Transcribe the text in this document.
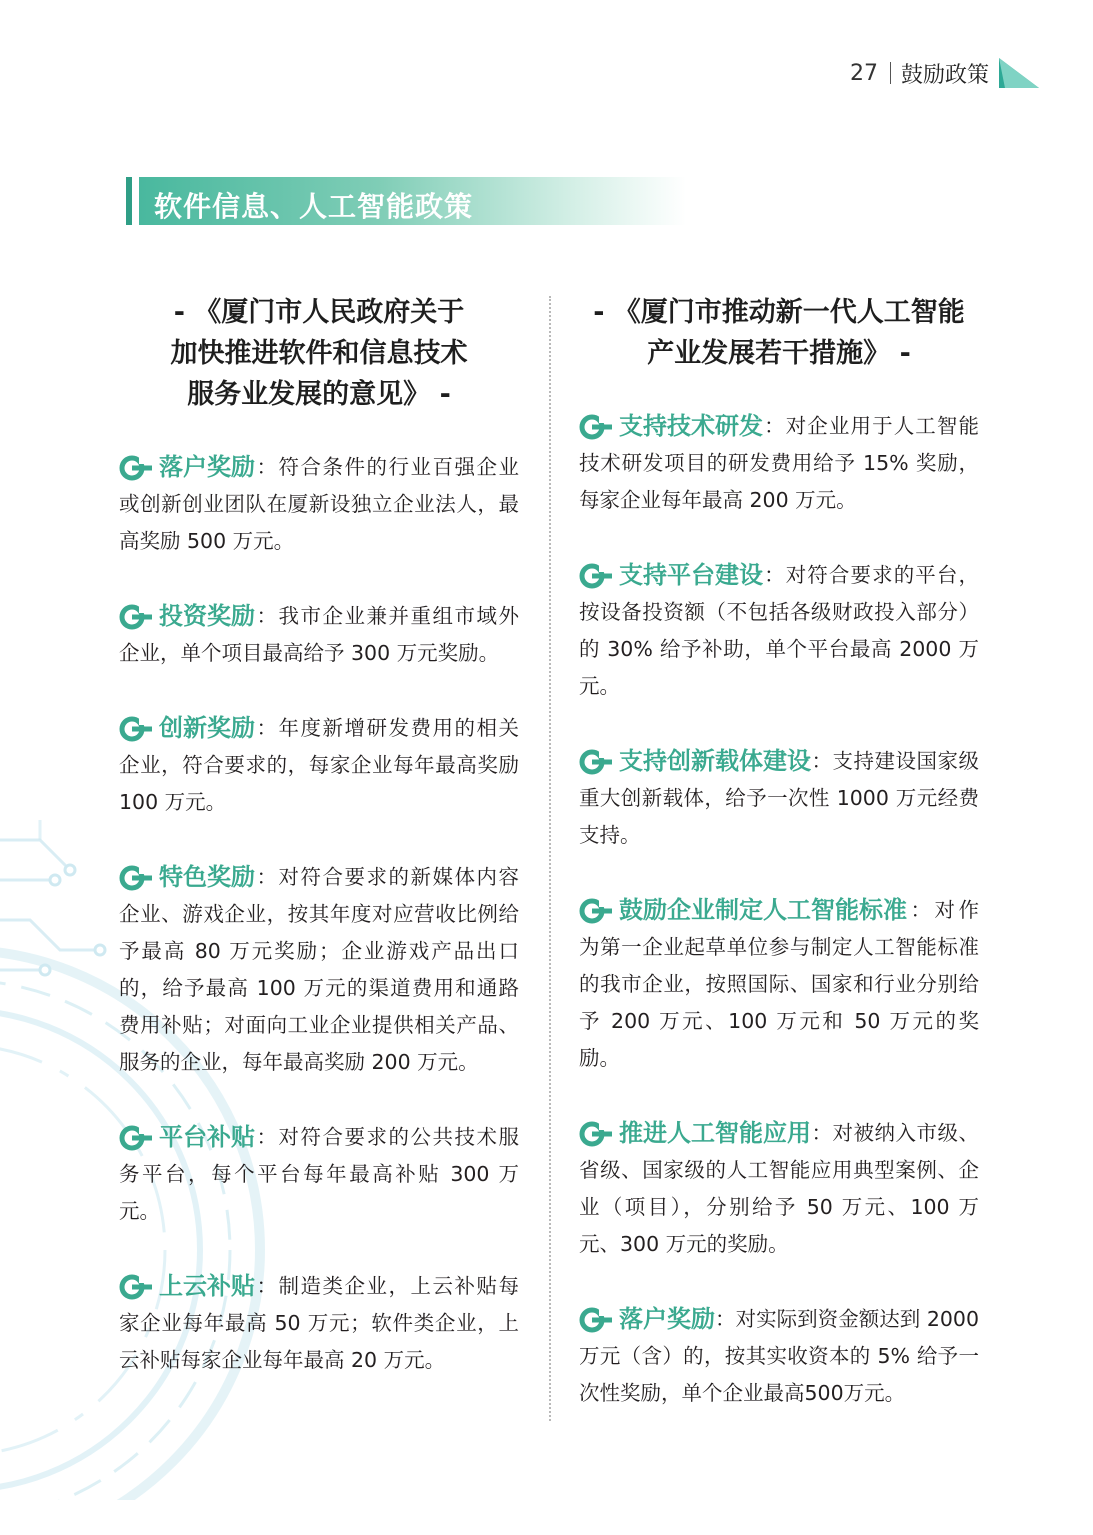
27 鼓励政策
软件信息、人工智能政策
- 《厦门市人民政府关于
加快推进软件和信息技术
服务业发展的意见》 -
落户奖励 ：符合条件的行业百强企业或创新创业团队在厦新设独立企业法人，最高奖励 500 万元。
投资奖励 ：我市企业兼并重组市域外企业，单个项目最高给予 300 万元奖励。
创新奖励 ：年度新增研发费用的相关企业，符合要求的，每家企业每年最高奖励 100 万元。
特色奖励 ：对符合要求的新媒体内容企业、游戏企业，按其年度对应营收比例给予最高 80 万元奖励；企业游戏产品出口的，给予最高 100 万元的渠道费用和通路费用补贴；对面向工业企业提供相关产品、服务的企业，每年最高奖励 200 万元。
平台补贴 ：对符合要求的公共技术服务平台，每个平台每年最高补贴 300 万元。
上云补贴 ：制造类企业，上云补贴每家企业每年最高 50 万元；软件类企业，上云补贴每家企业每年最高 20 万元。
- 《厦门市推动新一代人工智能
产业发展若干措施》 -
支持技术研发 ：对企业用于人工智能技术研发项目的研发费用给予 15% 奖励，每家企业每年最高 200 万元。
支持平台建设 ：对符合要求的平台，按设备投资额（不包括各级财政投入部分）的 30% 给予补助，单个平台最高 2000 万元。
支持创新载体建设 ：支持建设国家级重大创新载体，给予一次性 1000 万元经费支持。
鼓励企业制定人工智能标准 ：对作为第一企业起草单位参与制定人工智能标准的我市企业，按照国际、国家和行业分别给予 200 万元、100 万元和 50 万元的奖励。
推进人工智能应用 ：对被纳入市级、省级、国家级的人工智能应用典型案例、企业（项目），分别给予 50 万元、100 万元、300 万元的奖励。
落户奖励 ：对实际到资金额达到 2000 万元（含）的，按其实收资本的 5% 给予一次性奖励，单个企业最高500万元。
